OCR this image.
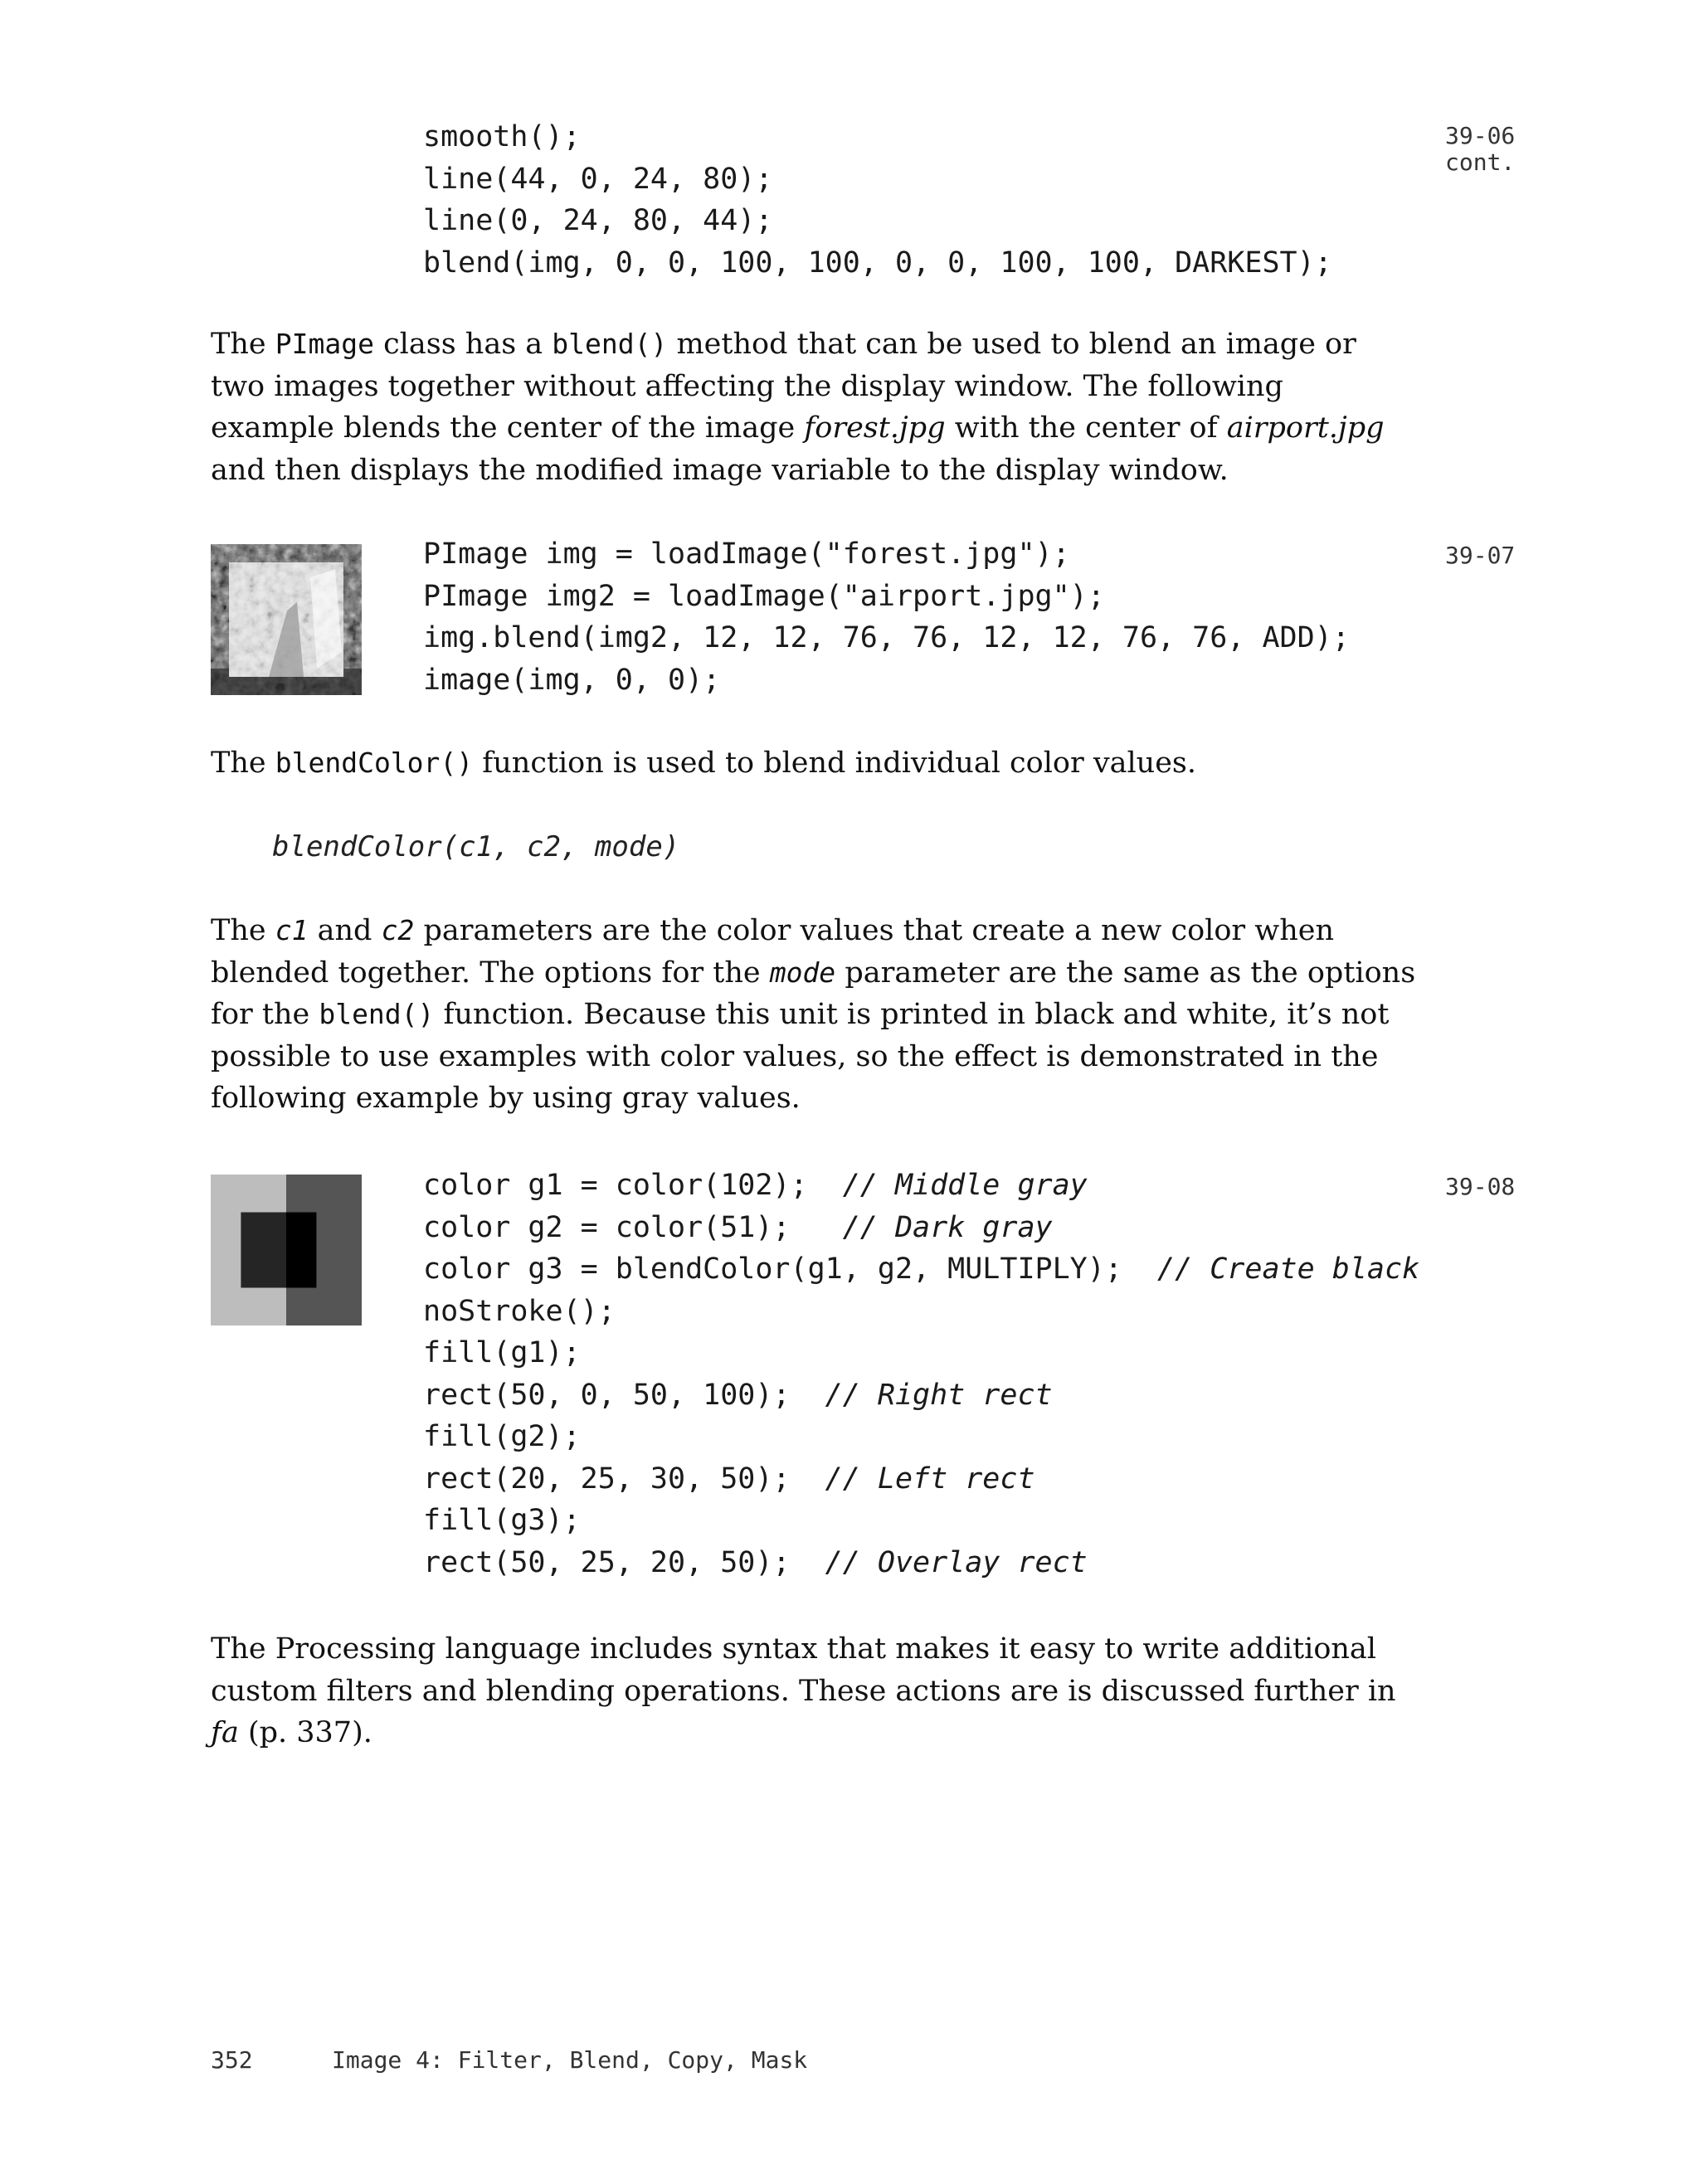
smooth();
line(44, 0, 24, 80);
line(0, 24, 80, 44);
blend(img, 0, 0, 100, 100, 0, 0, 100, 100, DARKEST);
39-06
cont.
The PImage class has a blend() method that can be used to blend an image or two images together without affecting the display window. The following example blends the center of the image forest.jpg with the center of airport.jpg and then displays the modified image variable to the display window.
PImage img = loadImage("forest.jpg");
PImage img2 = loadImage("airport.jpg");
img.blend(img2, 12, 12, 76, 76, 12, 12, 76, 76, ADD);
image(img, 0, 0);
39-07
The blendColor() function is used to blend individual color values.
blendColor(c1, c2, mode)
The c1 and c2 parameters are the color values that create a new color when blended together. The options for the mode parameter are the same as the options for the blend() function. Because this unit is printed in black and white, it’s not possible to use examples with color values, so the effect is demonstrated in the following example by using gray values.
color g1 = color(102);  // Middle gray
color g2 = color(51);   // Dark gray
color g3 = blendColor(g1, g2, MULTIPLY);  // Create black
noStroke();
fill(g1);
rect(50, 0, 50, 100);  // Right rect
fill(g2);
rect(20, 25, 30, 50);  // Left rect
fill(g3);
rect(50, 25, 20, 50);  // Overlay rect
39-08
The Processing language includes syntax that makes it easy to write additional custom filters and blending operations. These actions are is discussed further in ƒa (p. 337).
352	Image 4: Filter, Blend, Copy, Mask
